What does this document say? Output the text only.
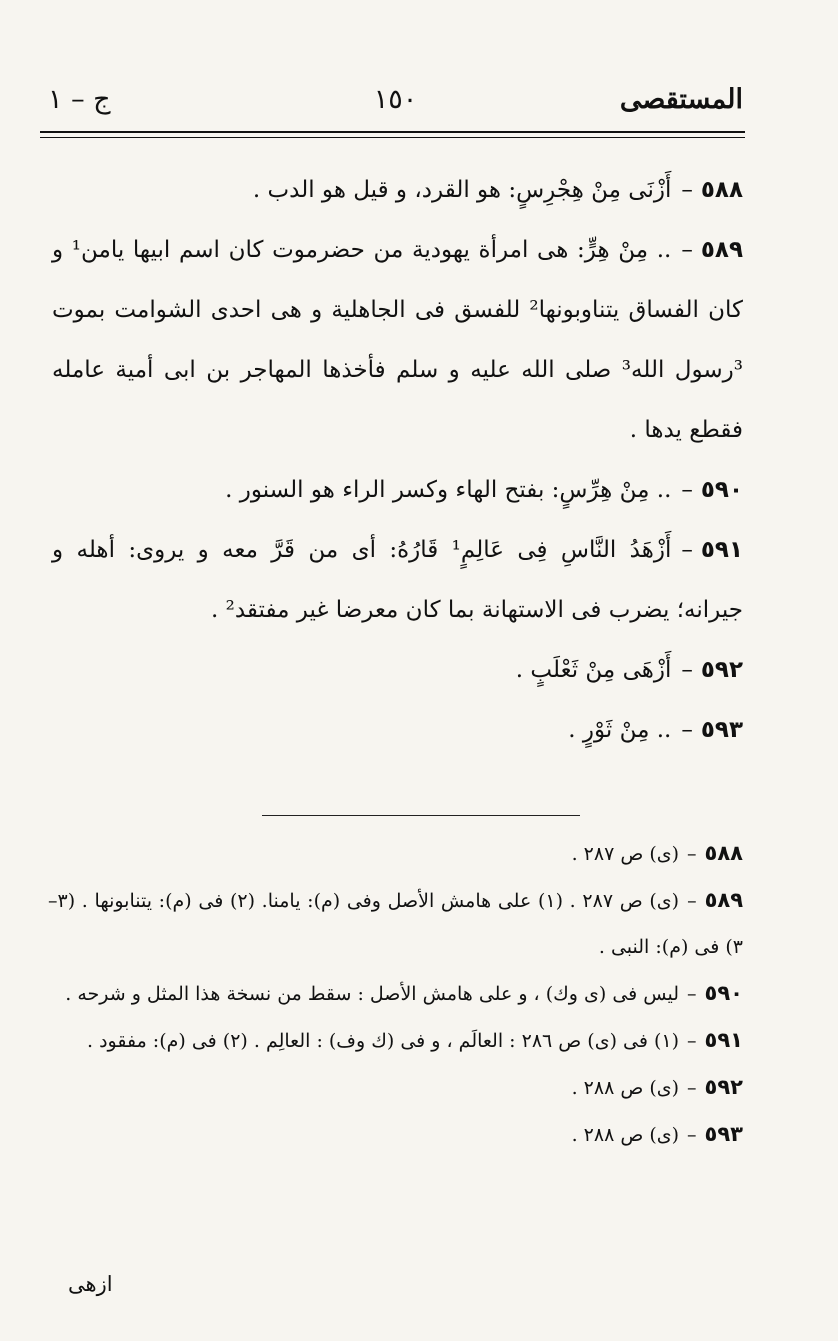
المستقصى
١٥٠
ج – ١
٥٨٨–أَزْنَى مِنْ هِجْرِسٍ: هو القرد، و قيل هو الدب .
٥٨٩–.. مِنْ هِرٍّ: هى امرأة يهودية من حضرموت كان اسم ابيها يامن¹ و كان الفساق يتناوبونها² للفسق فى الجاهلية و هى احدى الشوامت بموت ³رسول الله³ صلى الله عليه و سلم فأخذها المهاجر بن ابى أمية عامله فقطع يدها .
٥٩٠–.. مِنْ هِرِّسٍ: بفتح الهاء وكسر الراء هو السنور .
٥٩١–أَزْهَدُ النَّاسِ فِى عَالِمٍ¹ قَارُهُ: أى من قَرَّ معه و يروى: أهله و جيرانه؛ يضرب فى الاستهانة بما كان معرضا غير مفتقد² .
٥٩٢–أَزْهَى مِنْ ثَعْلَبٍ .
٥٩٣–.. مِنْ ثَوْرٍ .
٥٨٨–(ى) ص ٢٨٧ .
٥٨٩–(ى) ص ٢٨٧ . (١) على هامش الأصل وفى (م): يامنا. (٢) فى (م): يتنابونها . (٣–٣) فى (م): النبى .
٥٩٠–ليس فى (ى وك) ، و على هامش الأصل : سقط من نسخة هذا المثل و شرحه .
٥٩١–(١) فى (ى) ص ٢٨٦ : العالَم ، و فى (ك وف) : العالِم . (٢) فى (م): مفقود .
٥٩٢–(ى) ص ٢٨٨ .
٥٩٣–(ى) ص ٢٨٨ .
ازهى
